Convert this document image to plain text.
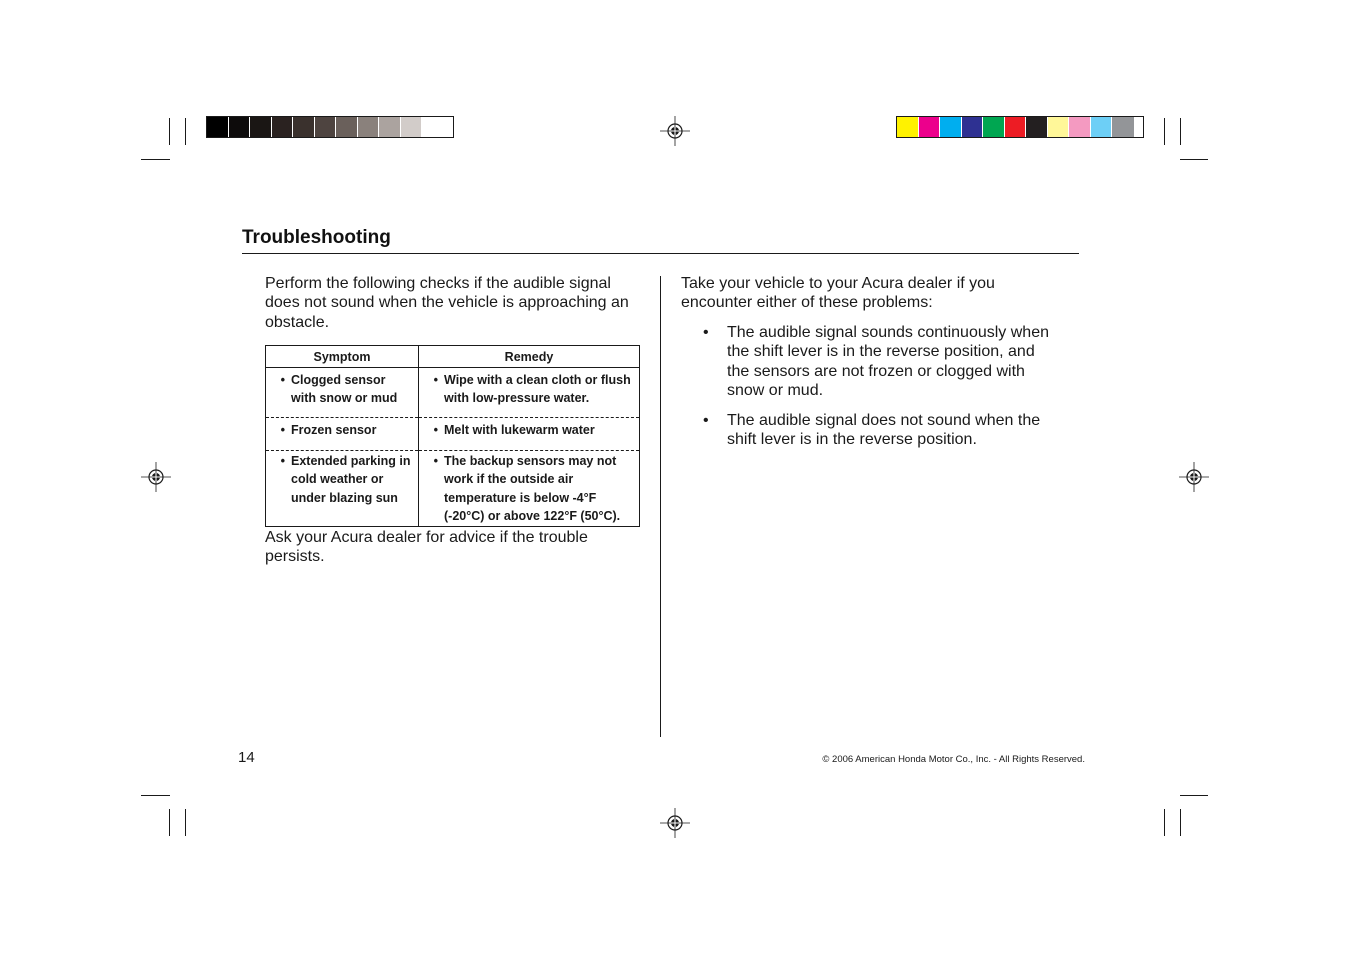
Troubleshooting
Perform the following checks if the audible signal does not sound when the vehicle is approaching an obstacle.
Symptom	Remedy

• Clogged sensor with snow or mud	• Wipe with a clean cloth or flush with low-pressure water.

• Frozen sensor	• Melt with lukewarm water

• Extended parking in cold weather or under blazing sun	• The backup sensors may not work if the outside air temperature is below -4°F (-20°C) or above 122°F (50°C).
Ask your Acura dealer for advice if the trouble persists.
Take your vehicle to your Acura dealer if you encounter either of these problems:
•	The audible signal sounds continuously when the shift lever is in the reverse position, and the sensors are not frozen or clogged with snow or mud.
•	The audible signal does not sound when the shift lever is in the reverse position.
14	© 2006 American Honda Motor Co., Inc. - All Rights Reserved.
